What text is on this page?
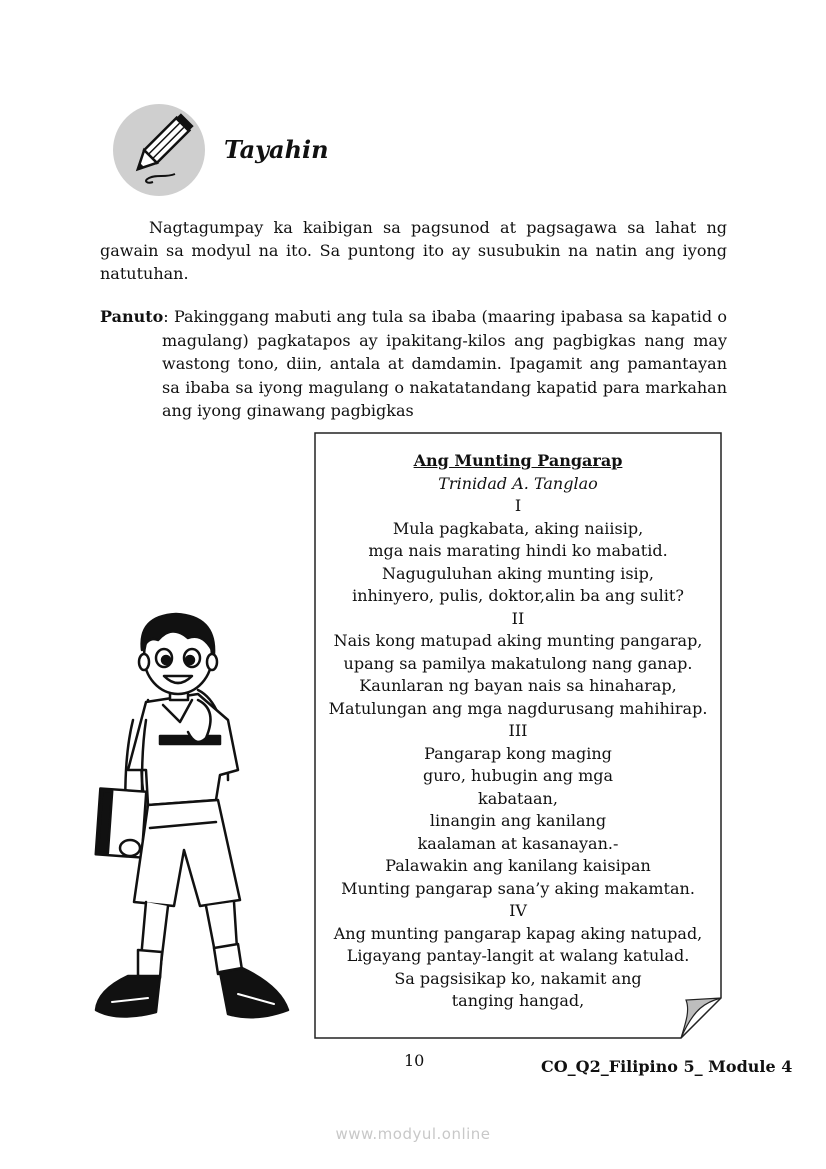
Tayahin

Nagtagumpay ka kaibigan sa pagsunod at pagsagawa sa lahat ng gawain sa modyul na ito. Sa puntong ito ay susubukin na natin ang iyong natutuhan.

Panuto: Pakinggang mabuti ang tula sa ibaba (maaring ipabasa sa kapatid o magulang) pagkatapos ay ipakitang-kilos ang pagbigkas nang may wastong tono, diin, antala at damdamin. Ipagamit ang pamantayan sa ibaba sa iyong magulang o nakatatandang kapatid para markahan ang iyong ginawang pagbigkas

Ang Munting Pangarap
Trinidad A. Tanglao
I
Mula pagkabata, aking naiisip,
mga nais marating hindi ko mabatid.
Naguguluhan aking munting isip,
inhinyero, pulis, doktor,alin ba ang sulit?
II
Nais kong matupad aking munting pangarap,
upang sa pamilya makatulong nang ganap.
Kaunlaran ng bayan nais sa hinaharap,
Matulungan ang mga nagdurusang mahihirap.
III
Pangarap kong maging guro, hubugin ang mga kabataan,
linangin ang kanilang kaalaman at kasanayan.-
Palawakin ang kanilang kaisipan
Munting pangarap sana’y aking makamtan.
IV
Ang munting pangarap kapag aking natupad,
Ligayang pantay-langit at walang katulad.
Sa pagsisikap ko, nakamit ang tanging hangad,
10	CO_Q2_Filipino 5_ Module 4
www.modyul.online
